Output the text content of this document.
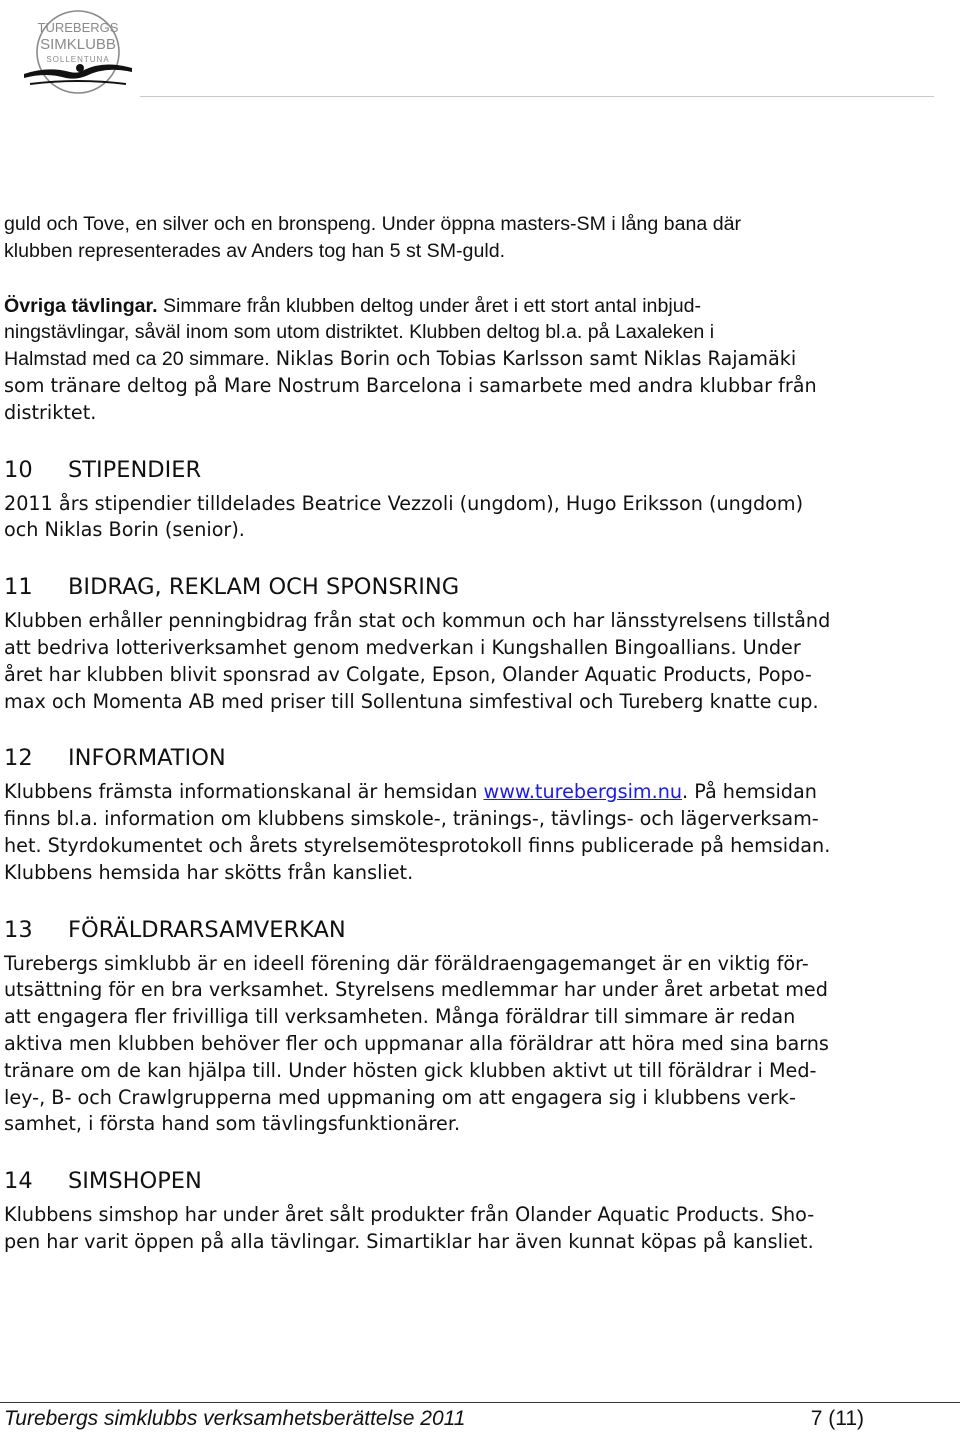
TUREBERGS
SIMKLUBB
SOLLENTUNA

guld och Tove, en silver och en bronspeng. Under öppna masters-SM i lång bana där
klubben representerades av Anders tog han 5 st SM-guld.

Övriga tävlingar. Simmare från klubben deltog under året i ett stort antal inbjud-
ningstävlingar, såväl inom som utom distriktet. Klubben deltog bl.a. på Laxaleken i
Halmstad med ca 20 simmare. Niklas Borin och Tobias Karlsson samt Niklas Rajamäki
som tränare deltog på Mare Nostrum Barcelona i samarbete med andra klubbar från
distriktet.

10	STIPENDIER

2011 års stipendier tilldelades Beatrice Vezzoli (ungdom), Hugo Eriksson (ungdom)
och Niklas Borin (senior).

11	BIDRAG, REKLAM OCH SPONSRING

Klubben erhåller penningbidrag från stat och kommun och har länsstyrelsens tillstånd
att bedriva lotteriverksamhet genom medverkan i Kungshallen Bingoallians. Under
året har klubben blivit sponsrad av Colgate, Epson, Olander Aquatic Products, Popo-
max och Momenta AB med priser till Sollentuna simfestival och Tureberg knatte cup.

12	INFORMATION

Klubbens främsta informationskanal är hemsidan www.turebergsim.nu. På hemsidan
finns bl.a. information om klubbens simskole-, tränings-, tävlings- och lägerverksam-
het. Styrdokumentet och årets styrelsemötesprotokoll finns publicerade på hemsidan.
Klubbens hemsida har skötts från kansliet.

13	FÖRÄLDRARSAMVERKAN

Turebergs simklubb är en ideell förening där föräldraengagemanget är en viktig för-
utsättning för en bra verksamhet. Styrelsens medlemmar har under året arbetat med
att engagera fler frivilliga till verksamheten. Många föräldrar till simmare är redan
aktiva men klubben behöver fler och uppmanar alla föräldrar att höra med sina barns
tränare om de kan hjälpa till. Under hösten gick klubben aktivt ut till föräldrar i Med-
ley-, B- och Crawlgrupperna med uppmaning om att engagera sig i klubbens verk-
samhet, i första hand som tävlingsfunktionärer.

14	SIMSHOPEN

Klubbens simshop har under året sålt produkter från Olander Aquatic Products. Sho-
pen har varit öppen på alla tävlingar. Simartiklar har även kunnat köpas på kansliet.

Turebergs simklubbs verksamhetsberättelse 2011	7 (11)
